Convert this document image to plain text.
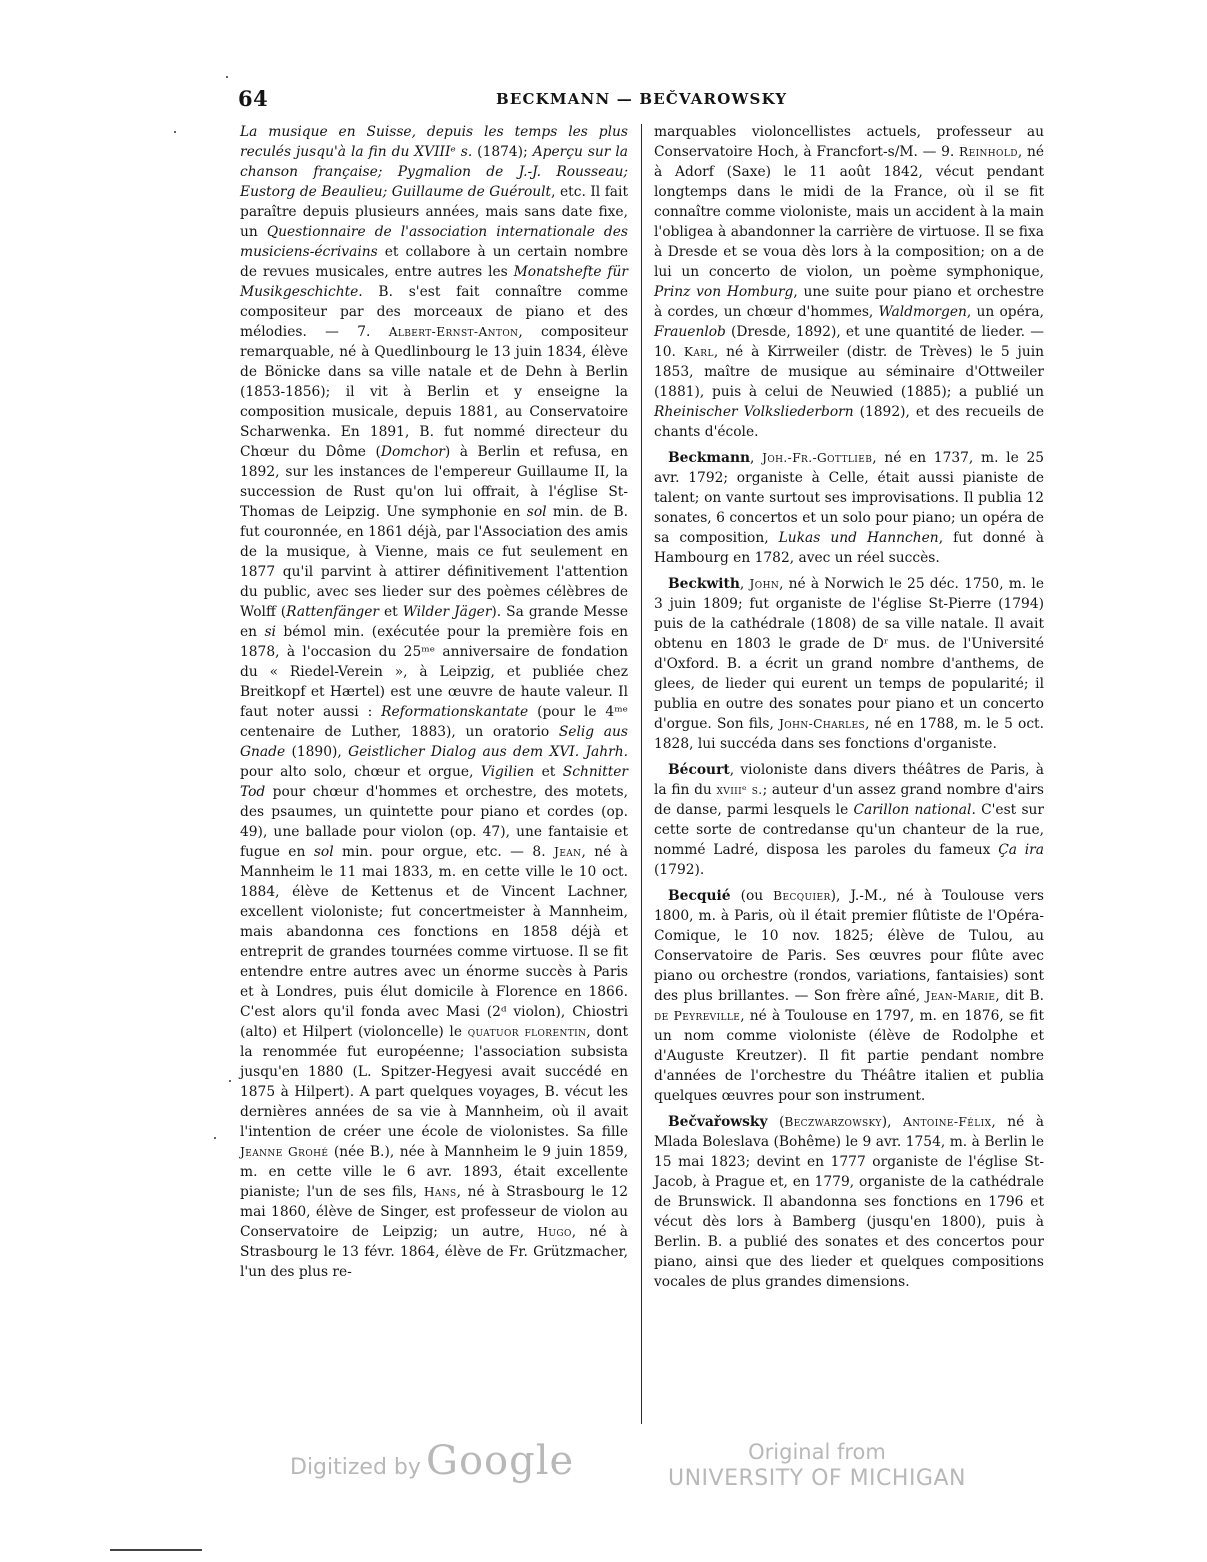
64	BECKMANN — BEČVAROWSKY

La musique en Suisse, depuis les temps les plus reculés jusqu'à la fin du XVIIIᵉ s. (1874); Aperçu sur la chanson française; Pygmalion de J.-J. Rousseau; Eustorg de Beaulieu; Guillaume de Guéroult, etc. Il fait paraître depuis plusieurs années, mais sans date fixe, un Questionnaire de l'association internationale des musiciens-écrivains et collabore à un certain nombre de revues musicales, entre autres les Monatshefte für Musikgeschichte. B. s'est fait connaître comme compositeur par des morceaux de piano et des mélodies. — 7. Albert-Ernst-Anton, compositeur remarquable, né à Quedlinbourg le 13 juin 1834, élève de Bönicke dans sa ville natale et de Dehn à Berlin (1853-1856); il vit à Berlin et y enseigne la composition musicale, depuis 1881, au Conservatoire Scharwenka. En 1891, B. fut nommé directeur du Chœur du Dôme (Domchor) à Berlin et refusa, en 1892, sur les instances de l'empereur Guillaume II, la succession de Rust qu'on lui offrait, à l'église St-Thomas de Leipzig. Une symphonie en sol min. de B. fut couronnée, en 1861 déjà, par l'Association des amis de la musique, à Vienne, mais ce fut seulement en 1877 qu'il parvint à attirer définitivement l'attention du public, avec ses lieder sur des poèmes célèbres de Wolff (Rattenfänger et Wilder Jäger). Sa grande Messe en si bémol min. (exécutée pour la première fois en 1878, à l'occasion du 25ᵐᵉ anniversaire de fondation du « Riedel-Verein », à Leipzig, et publiée chez Breitkopf et Hærtel) est une œuvre de haute valeur. Il faut noter aussi : Reformationskantate (pour le 4ᵐᵉ centenaire de Luther, 1883), un oratorio Selig aus Gnade (1890), Geistlicher Dialog aus dem XVI. Jahrh. pour alto solo, chœur et orgue, Vigilien et Schnitter Tod pour chœur d'hommes et orchestre, des motets, des psaumes, un quintette pour piano et cordes (op. 49), une ballade pour violon (op. 47), une fantaisie et fugue en sol min. pour orgue, etc. — 8. Jean, né à Mannheim le 11 mai 1833, m. en cette ville le 10 oct. 1884, élève de Kettenus et de Vincent Lachner, excellent violoniste; fut concertmeister à Mannheim, mais abandonna ces fonctions en 1858 déjà et entreprit de grandes tournées comme virtuose. Il se fit entendre entre autres avec un énorme succès à Paris et à Londres, puis élut domicile à Florence en 1866. C'est alors qu'il fonda avec Masi (2ᵈ violon), Chiostri (alto) et Hilpert (violoncelle) le quatuor florentin, dont la renommée fut européenne; l'association subsista jusqu'en 1880 (L. Spitzer-Hegyesi avait succédé en 1875 à Hilpert). A part quelques voyages, B. vécut les dernières années de sa vie à Mannheim, où il avait l'intention de créer une école de violonistes. Sa fille Jeanne Grohé (née B.), née à Mannheim le 9 juin 1859, m. en cette ville le 6 avr. 1893, était excellente pianiste; l'un de ses fils, Hans, né à Strasbourg le 12 mai 1860, élève de Singer, est professeur de violon au Conservatoire de Leipzig; un autre, Hugo, né à Strasbourg le 13 févr. 1864, élève de Fr. Grützmacher, l'un des plus re-

marquables violoncellistes actuels, professeur au Conservatoire Hoch, à Francfort-s/M. — 9. Reinhold, né à Adorf (Saxe) le 11 août 1842, vécut pendant longtemps dans le midi de la France, où il se fit connaître comme violoniste, mais un accident à la main l'obligea à abandonner la carrière de virtuose. Il se fixa à Dresde et se voua dès lors à la composition; on a de lui un concerto de violon, un poème symphonique, Prinz von Homburg, une suite pour piano et orchestre à cordes, un chœur d'hommes, Waldmorgen, un opéra, Frauenlob (Dresde, 1892), et une quantité de lieder. — 10. Karl, né à Kirrweiler (distr. de Trèves) le 5 juin 1853, maître de musique au séminaire d'Ottweiler (1881), puis à celui de Neuwied (1885); a publié un Rheinischer Volksliederborn (1892), et des recueils de chants d'école.

Beckmann, Joh.-Fr.-Gottlieb, né en 1737, m. le 25 avr. 1792; organiste à Celle, était aussi pianiste de talent; on vante surtout ses improvisations. Il publia 12 sonates, 6 concertos et un solo pour piano; un opéra de sa composition, Lukas und Hannchen, fut donné à Hambourg en 1782, avec un réel succès.

Beckwith, John, né à Norwich le 25 déc. 1750, m. le 3 juin 1809; fut organiste de l'église St-Pierre (1794) puis de la cathédrale (1808) de sa ville natale. Il avait obtenu en 1803 le grade de Dʳ mus. de l'Université d'Oxford. B. a écrit un grand nombre d'anthems, de glees, de lieder qui eurent un temps de popularité; il publia en outre des sonates pour piano et un concerto d'orgue. Son fils, John-Charles, né en 1788, m. le 5 oct. 1828, lui succéda dans ses fonctions d'organiste.

Bécourt, violoniste dans divers théâtres de Paris, à la fin du xviiiᵉ s.; auteur d'un assez grand nombre d'airs de danse, parmi lesquels le Carillon national. C'est sur cette sorte de contredanse qu'un chanteur de la rue, nommé Ladré, disposa les paroles du fameux Ça ira (1792).

Becquié (ou Becquier), J.-M., né à Toulouse vers 1800, m. à Paris, où il était premier flûtiste de l'Opéra-Comique, le 10 nov. 1825; élève de Tulou, au Conservatoire de Paris. Ses œuvres pour flûte avec piano ou orchestre (rondos, variations, fantaisies) sont des plus brillantes. — Son frère aîné, Jean-Marie, dit B. de Peyreville, né à Toulouse en 1797, m. en 1876, se fit un nom comme violoniste (élève de Rodolphe et d'Auguste Kreutzer). Il fit partie pendant nombre d'années de l'orchestre du Théâtre italien et publia quelques œuvres pour son instrument.

Bečvařowsky (Beczwarzowsky), Antoine-Félix, né à Mlada Boleslava (Bohême) le 9 avr. 1754, m. à Berlin le 15 mai 1823; devint en 1777 organiste de l'église St-Jacob, à Prague et, en 1779, organiste de la cathédrale de Brunswick. Il abandonna ses fonctions en 1796 et vécut dès lors à Bamberg (jusqu'en 1800), puis à Berlin. B. a publié des sonates et des concertos pour piano, ainsi que des lieder et quelques compositions vocales de plus grandes dimensions.

Digitized by Google	Original from
UNIVERSITY OF MICHIGAN
